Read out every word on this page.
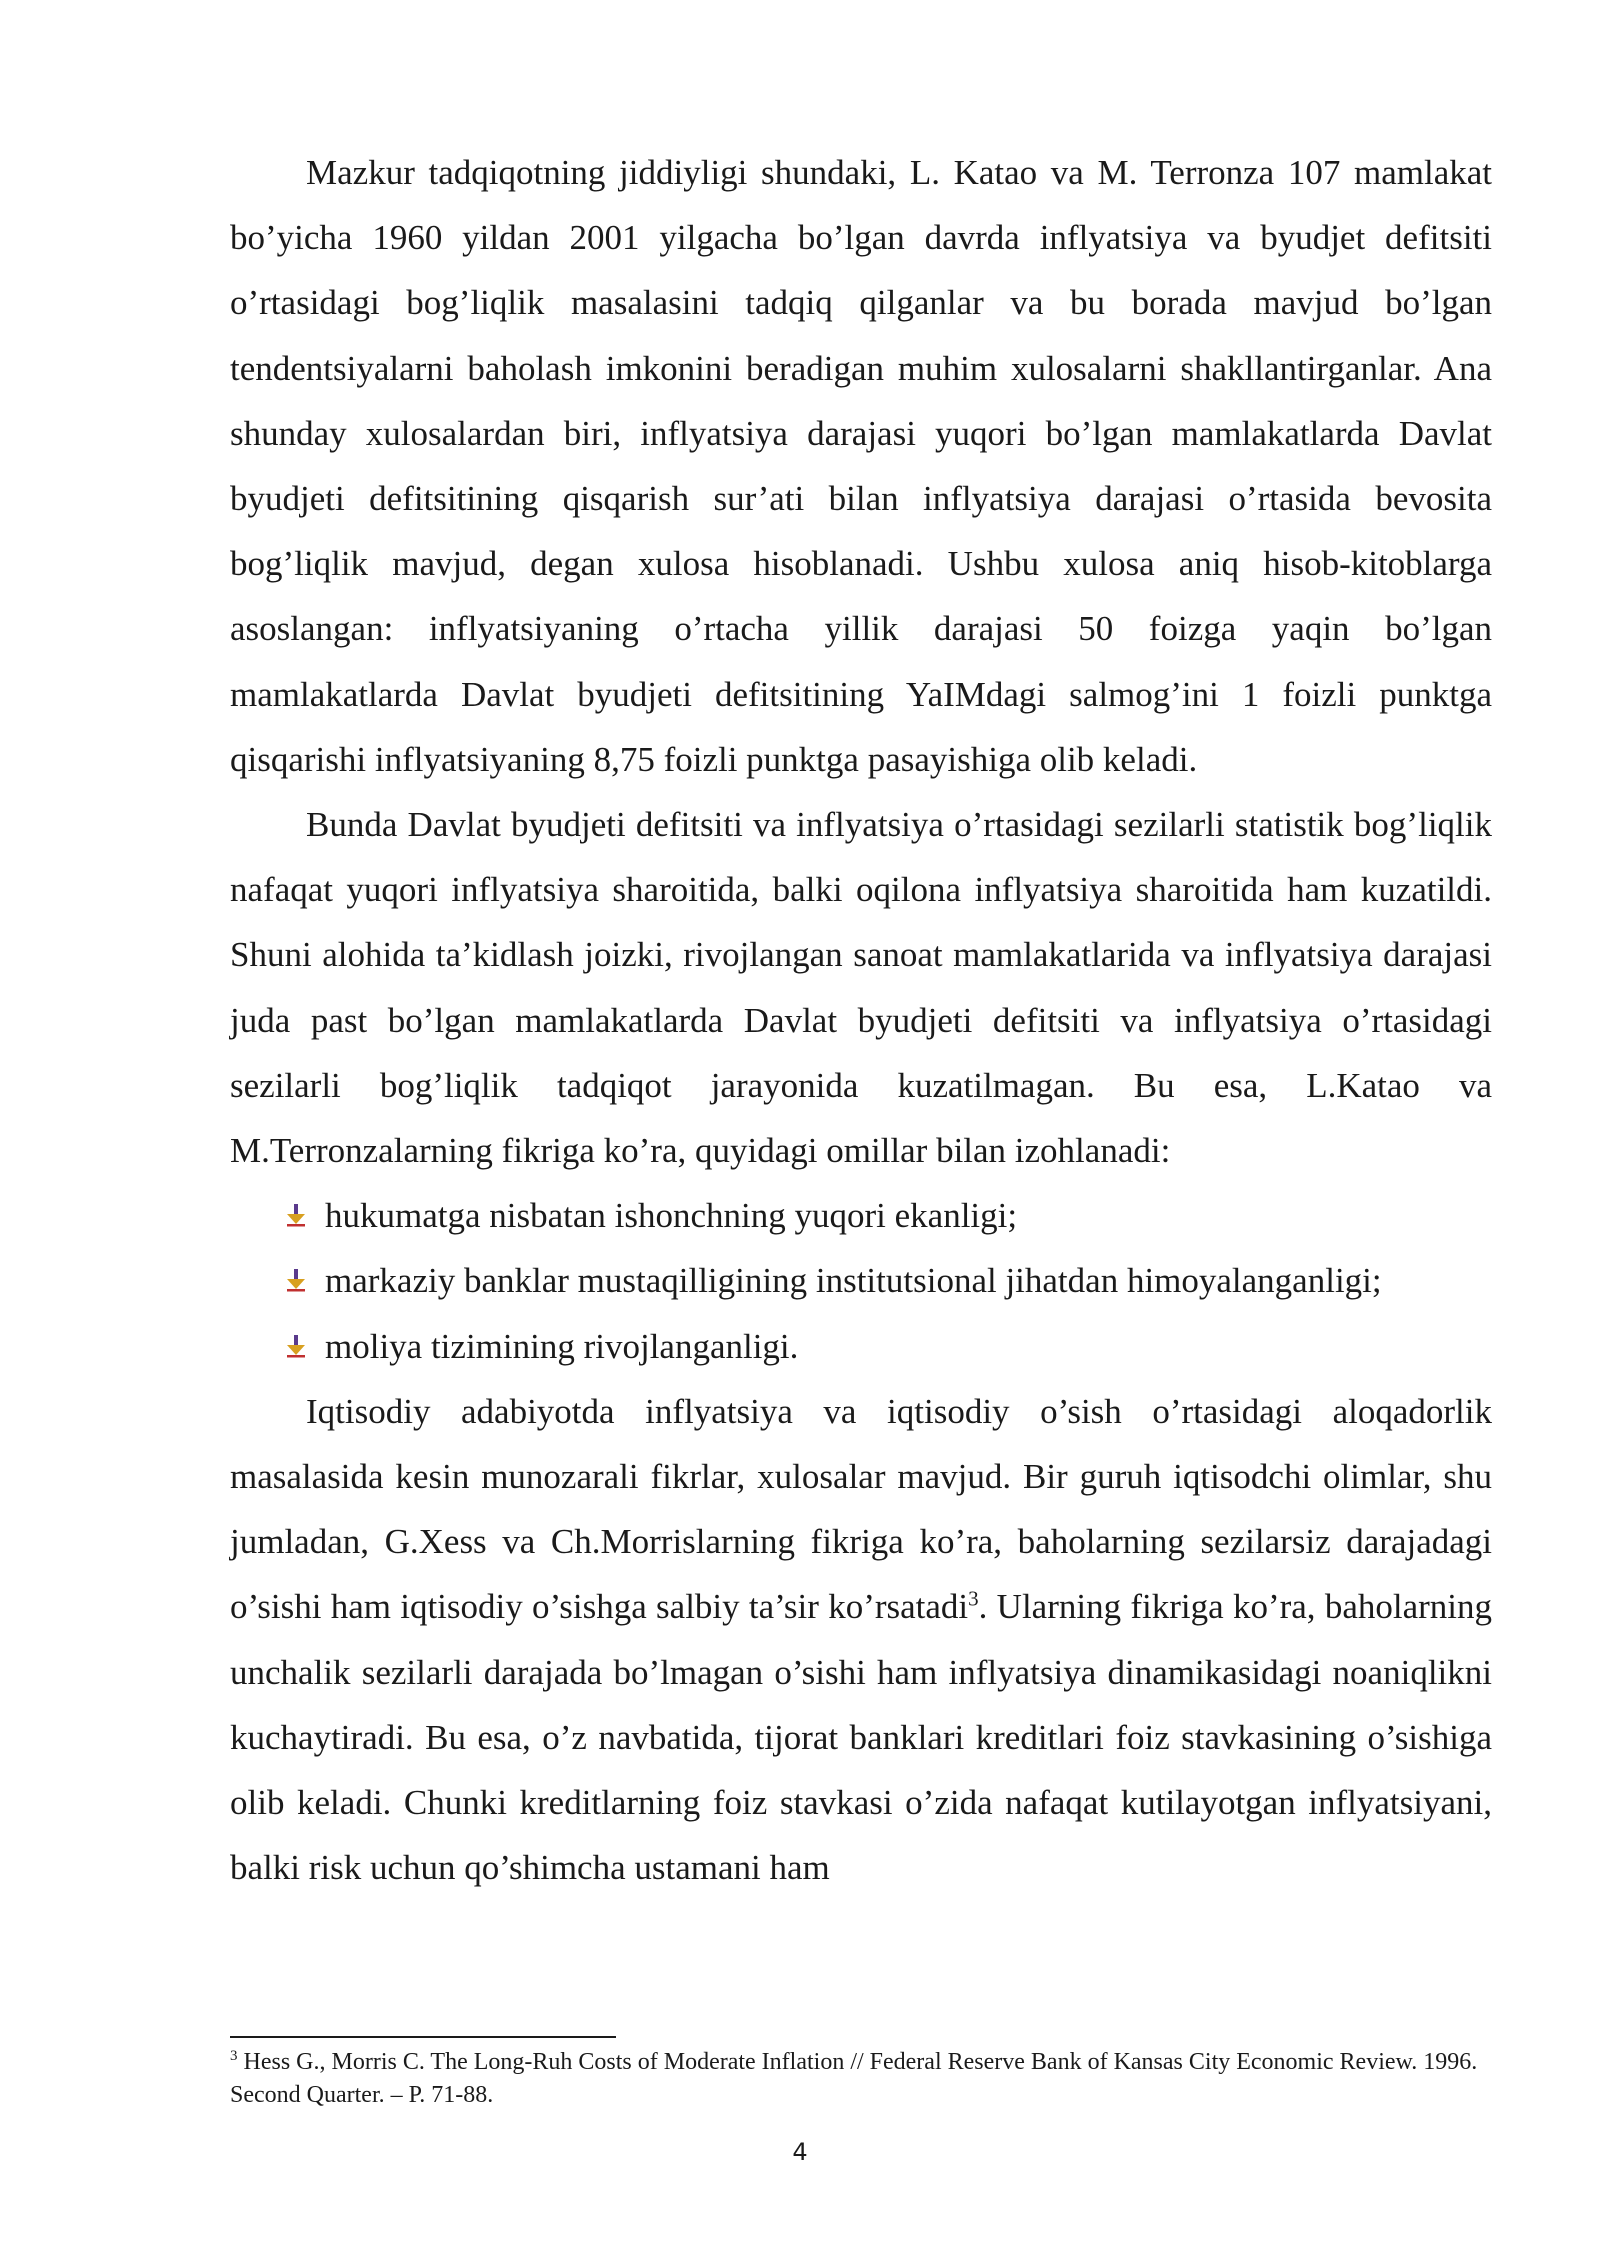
Mazkur tadqiqotning jiddiyligi shundaki, L. Katao va M. Terronza 107 mamlakat bo’yicha 1960 yildan 2001 yilgacha bo’lgan davrda inflyatsiya va byudjet defitsiti o’rtasidagi bog’liqlik masalasini tadqiq qilganlar va bu borada mavjud bo’lgan tendentsiyalarni baholash imkonini beradigan muhim xulosalarni shakllantirganlar. Ana shunday xulosalardan biri, inflyatsiya darajasi yuqori bo’lgan mamlakatlarda Davlat byudjeti defitsitining qisqarish sur’ati bilan inflyatsiya darajasi o’rtasida bevosita bog’liqlik mavjud, degan xulosa hisoblanadi. Ushbu xulosa aniq hisob-kitoblarga asoslangan: inflyatsiyaning o’rtacha yillik darajasi 50 foizga yaqin bo’lgan mamlakatlarda Davlat byudjeti defitsitining YaIMdagi salmog’ini 1 foizli punktga qisqarishi inflyatsiyaning 8,75 foizli punktga pasayishiga olib keladi.

Bunda Davlat byudjeti defitsiti va inflyatsiya o’rtasidagi sezilarli statistik bog’liqlik nafaqat yuqori inflyatsiya sharoitida, balki oqilona inflyatsiya sharoitida ham kuzatildi. Shuni alohida ta’kidlash joizki, rivojlangan sanoat mamlakatlarida va inflyatsiya darajasi juda past bo’lgan mamlakatlarda Davlat byudjeti defitsiti va inflyatsiya o’rtasidagi sezilarli bog’liqlik tadqiqot jarayonida kuzatilmagan. Bu esa, L.Katao va M.Terronzalarning fikriga ko’ra, quyidagi omillar bilan izohlanadi:

hukumatga nisbatan ishonchning yuqori ekanligi;
markaziy banklar mustaqilligining institutsional jihatdan himoyalanganligi;
moliya tizimining rivojlanganligi.

Iqtisodiy adabiyotda inflyatsiya va iqtisodiy o’sish o’rtasidagi aloqadorlik masalasida kesin munozarali fikrlar, xulosalar mavjud. Bir guruh iqtisodchi olimlar, shu jumladan, G.Xess va Ch.Morrislarning fikriga ko’ra, baholarning sezilarsiz darajadagi o’sishi ham iqtisodiy o’sishga salbiy ta’sir ko’rsatadi$^3$. Ularning fikriga ko’ra, baholarning unchalik sezilarli darajada bo’lmagan o’sishi ham inflyatsiya dinamikasidagi noaniqlikni kuchaytiradi. Bu esa, o’z navbatida, tijorat banklari kreditlari foiz stavkasining o’sishiga olib keladi. Chunki kreditlarning foiz stavkasi o’zida nafaqat kutilayotgan inflyatsiyani, balki risk uchun qo’shimcha ustamani ham

$^3$ Hess G., Morris C. The Long-Ruh Costs of Moderate Inflation // Federal Reserve Bank of Kansas City Economic Review. 1996. Second Quarter. – P. 71-88.
4
